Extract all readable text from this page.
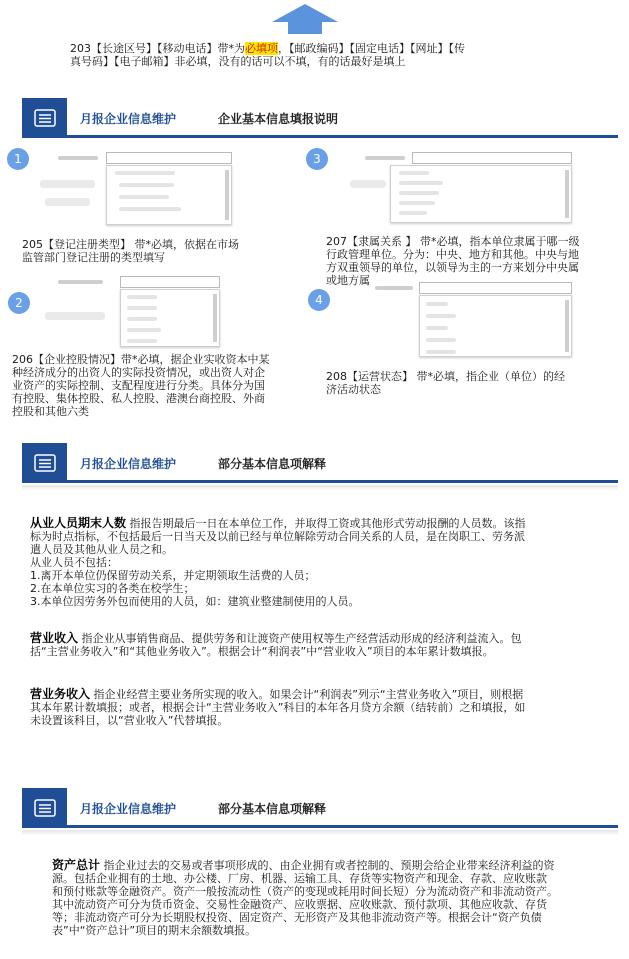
203【长途区号】【移动电话】带*为必填项，【邮政编码】【固定电话】【网址】【传
真号码】【电子邮箱】非必填，没有的话可以不填，有的话最好是填上
月报企业信息维护	企业基本信息填报说明
1
205【登记注册类型】 带*必填，依据在市场
监管部门登记注册的类型填写
2
206【企业控股情况】带*必填，据企业实收资本中某
种经济成分的出资人的实际投资情况，或出资人对企
业资产的实际控制、支配程度进行分类。具体分为国
有控股、集体控股、私人控股、港澳台商控股、外商
控股和其他六类
3
207【隶属关系 】 带*必填，指本单位隶属于哪一级
行政管理单位。分为：中央、地方和其他。中央与地
方双重领导的单位，以领导为主的一方来划分中央属
或地方属
4
208【运营状态】 带*必填，指企业（单位）的经
济活动状态
月报企业信息维护	部分基本信息项解释
从业人员期末人数 指报告期最后一日在本单位工作，并取得工资或其他形式劳动报酬的人员数。该指
标为时点指标，不包括最后一日当天及以前已经与单位解除劳动合同关系的人员，是在岗职工、劳务派
遣人员及其他从业人员之和。
从业人员不包括：
1.离开本单位仍保留劳动关系，并定期领取生活费的人员；
2.在本单位实习的各类在校学生；
3.本单位因劳务外包而使用的人员，如：建筑业整建制使用的人员。
营业收入 指企业从事销售商品、提供劳务和让渡资产使用权等生产经营活动形成的经济利益流入。包
括“主营业务收入”和“其他业务收入”。根据会计“利润表”中“营业收入”项目的本年累计数填报。
营业务收入 指企业经营主要业务所实现的收入。如果会计“利润表”列示“主营业务收入”项目，则根据
其本年累计数填报；或者，根据会计“主营业务收入”科目的本年各月贷方余额（结转前）之和填报，如
未设置该科目，以“营业收入”代替填报。
月报企业信息维护	部分基本信息项解释
资产总计 指企业过去的交易或者事项形成的、由企业拥有或者控制的、预期会给企业带来经济利益的资
源。包括企业拥有的土地、办公楼、厂房、机器、运输工具、存货等实物资产和现金、存款、应收账款
和预付账款等金融资产。资产一般按流动性（资产的变现或耗用时间长短）分为流动资产和非流动资产。
其中流动资产可分为货币资金、交易性金融资产、应收票据、应收账款、预付款项、其他应收款、存货
等；非流动资产可分为长期股权投资、固定资产、无形资产及其他非流动资产等。根据会计“资产负债
表”中“资产总计”项目的期末余额数填报。
